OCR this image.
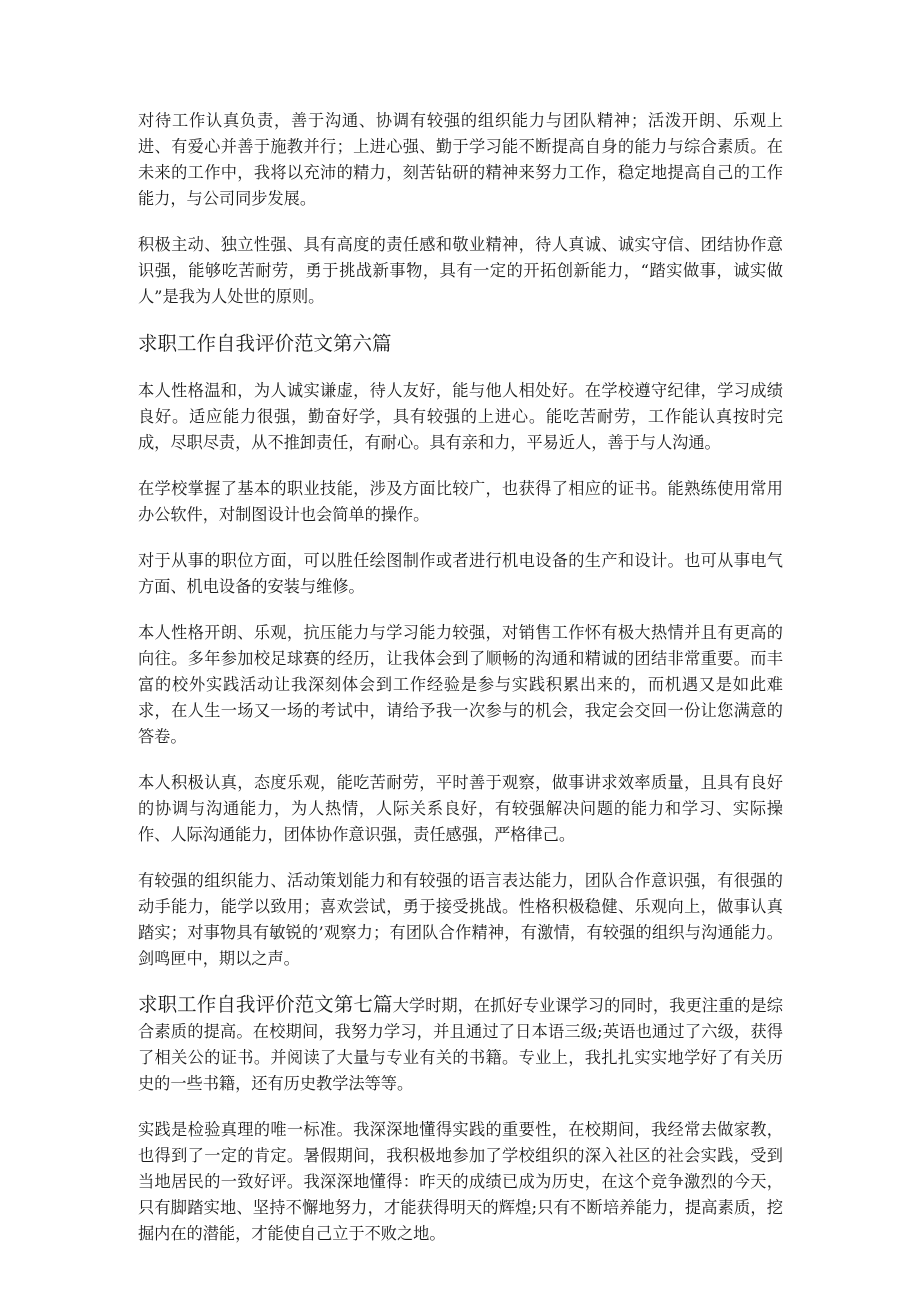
对待工作认真负责，善于沟通、协调有较强的组织能力与团队精神；活泼开朗、乐观上进、有爱心并善于施教并行；上进心强、勤于学习能不断提高自身的能力与综合素质。在未来的工作中，我将以充沛的精力，刻苦钻研的精神来努力工作，稳定地提高自己的工作能力，与公司同步发展。

积极主动、独立性强、具有高度的责任感和敬业精神，待人真诚、诚实守信、团结协作意识强，能够吃苦耐劳，勇于挑战新事物，具有一定的开拓创新能力，“踏实做事，诚实做人”是我为人处世的原则。

求职工作自我评价范文第六篇

本人性格温和，为人诚实谦虚，待人友好，能与他人相处好。在学校遵守纪律，学习成绩良好。适应能力很强，勤奋好学，具有较强的上进心。能吃苦耐劳，工作能认真按时完成，尽职尽责，从不推卸责任，有耐心。具有亲和力，平易近人，善于与人沟通。

在学校掌握了基本的职业技能，涉及方面比较广，也获得了相应的证书。能熟练使用常用办公软件，对制图设计也会简单的操作。

对于从事的职位方面，可以胜任绘图制作或者进行机电设备的生产和设计。也可从事电气方面、机电设备的安装与维修。

本人性格开朗、乐观，抗压能力与学习能力较强，对销售工作怀有极大热情并且有更高的向往。多年参加校足球赛的经历，让我体会到了顺畅的沟通和精诚的团结非常重要。而丰富的校外实践活动让我深刻体会到工作经验是参与实践积累出来的，而机遇又是如此难求，在人生一场又一场的考试中，请给予我一次参与的机会，我定会交回一份让您满意的答卷。

本人积极认真，态度乐观，能吃苦耐劳，平时善于观察，做事讲求效率质量，且具有良好的协调与沟通能力，为人热情，人际关系良好，有较强解决问题的能力和学习、实际操作、人际沟通能力，团体协作意识强，责任感强，严格律己。

有较强的组织能力、活动策划能力和有较强的语言表达能力，团队合作意识强，有很强的动手能力，能学以致用；喜欢尝试，勇于接受挑战。性格积极稳健、乐观向上，做事认真踏实；对事物具有敏锐的’观察力；有团队合作精神，有激情，有较强的组织与沟通能力。剑鸣匣中，期以之声。

求职工作自我评价范文第七篇大学时期，在抓好专业课学习的同时，我更注重的是综合素质的提高。在校期间，我努力学习，并且通过了日本语三级;英语也通过了六级，获得了相关公的证书。并阅读了大量与专业有关的书籍。专业上，我扎扎实实地学好了有关历史的一些书籍，还有历史教学法等等。

实践是检验真理的唯一标准。我深深地懂得实践的重要性，在校期间，我经常去做家教，也得到了一定的肯定。暑假期间，我积极地参加了学校组织的深入社区的社会实践，受到当地居民的一致好评。我深深地懂得：昨天的成绩已成为历史，在这个竞争激烈的今天，只有脚踏实地、坚持不懈地努力，才能获得明天的辉煌;只有不断培养能力，提高素质，挖掘内在的潜能，才能使自己立于不败之地。
